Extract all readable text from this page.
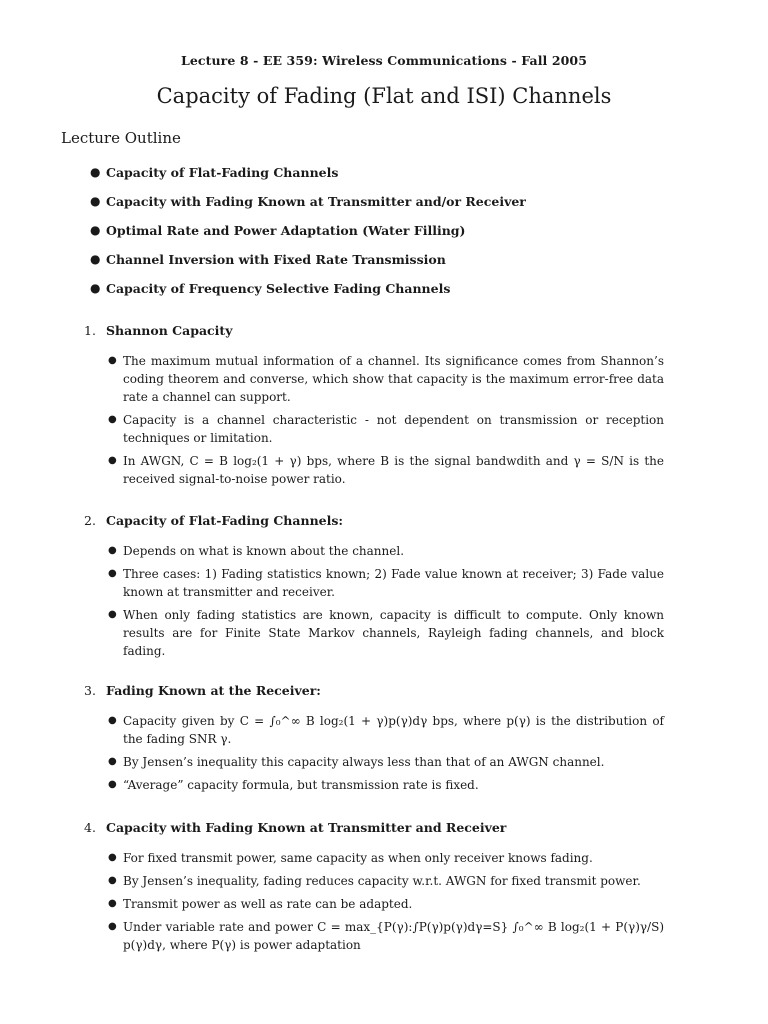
Lecture 8 - EE 359: Wireless Communications - Fall 2005
Capacity of Fading (Flat and ISI) Channels
Lecture Outline
● Capacity of Flat-Fading Channels
● Capacity with Fading Known at Transmitter and/or Receiver
● Optimal Rate and Power Adaptation (Water Filling)
● Channel Inversion with Fixed Rate Transmission
● Capacity of Frequency Selective Fading Channels
1. Shannon Capacity
● The maximum mutual information of a channel. Its significance comes from Shannon’s coding theorem and converse, which show that capacity is the maximum error-free data rate a channel can support.
● Capacity is a channel characteristic - not dependent on transmission or reception techniques or limitation.
● In AWGN, C = B log₂(1 + γ) bps, where B is the signal bandwdith and γ = S/N is the received signal-to-noise power ratio.
2. Capacity of Flat-Fading Channels:
● Depends on what is known about the channel.
● Three cases: 1) Fading statistics known; 2) Fade value known at receiver; 3) Fade value known at transmitter and receiver.
● When only fading statistics are known, capacity is difficult to compute. Only known results are for Finite State Markov channels, Rayleigh fading channels, and block fading.
3. Fading Known at the Receiver:
● Capacity given by C = ∫₀^∞ B log₂(1 + γ)p(γ)dγ bps, where p(γ) is the distribution of the fading SNR γ.
● By Jensen’s inequality this capacity always less than that of an AWGN channel.
● “Average” capacity formula, but transmission rate is fixed.
4. Capacity with Fading Known at Transmitter and Receiver
● For fixed transmit power, same capacity as when only receiver knows fading.
● By Jensen’s inequality, fading reduces capacity w.r.t. AWGN for fixed transmit power.
● Transmit power as well as rate can be adapted.
● Under variable rate and power C = max_{P(γ):∫P(γ)p(γ)dγ=S} ∫₀^∞ B log₂(1 + P(γ)γ/S) p(γ)dγ, where P(γ) is power adaptation
